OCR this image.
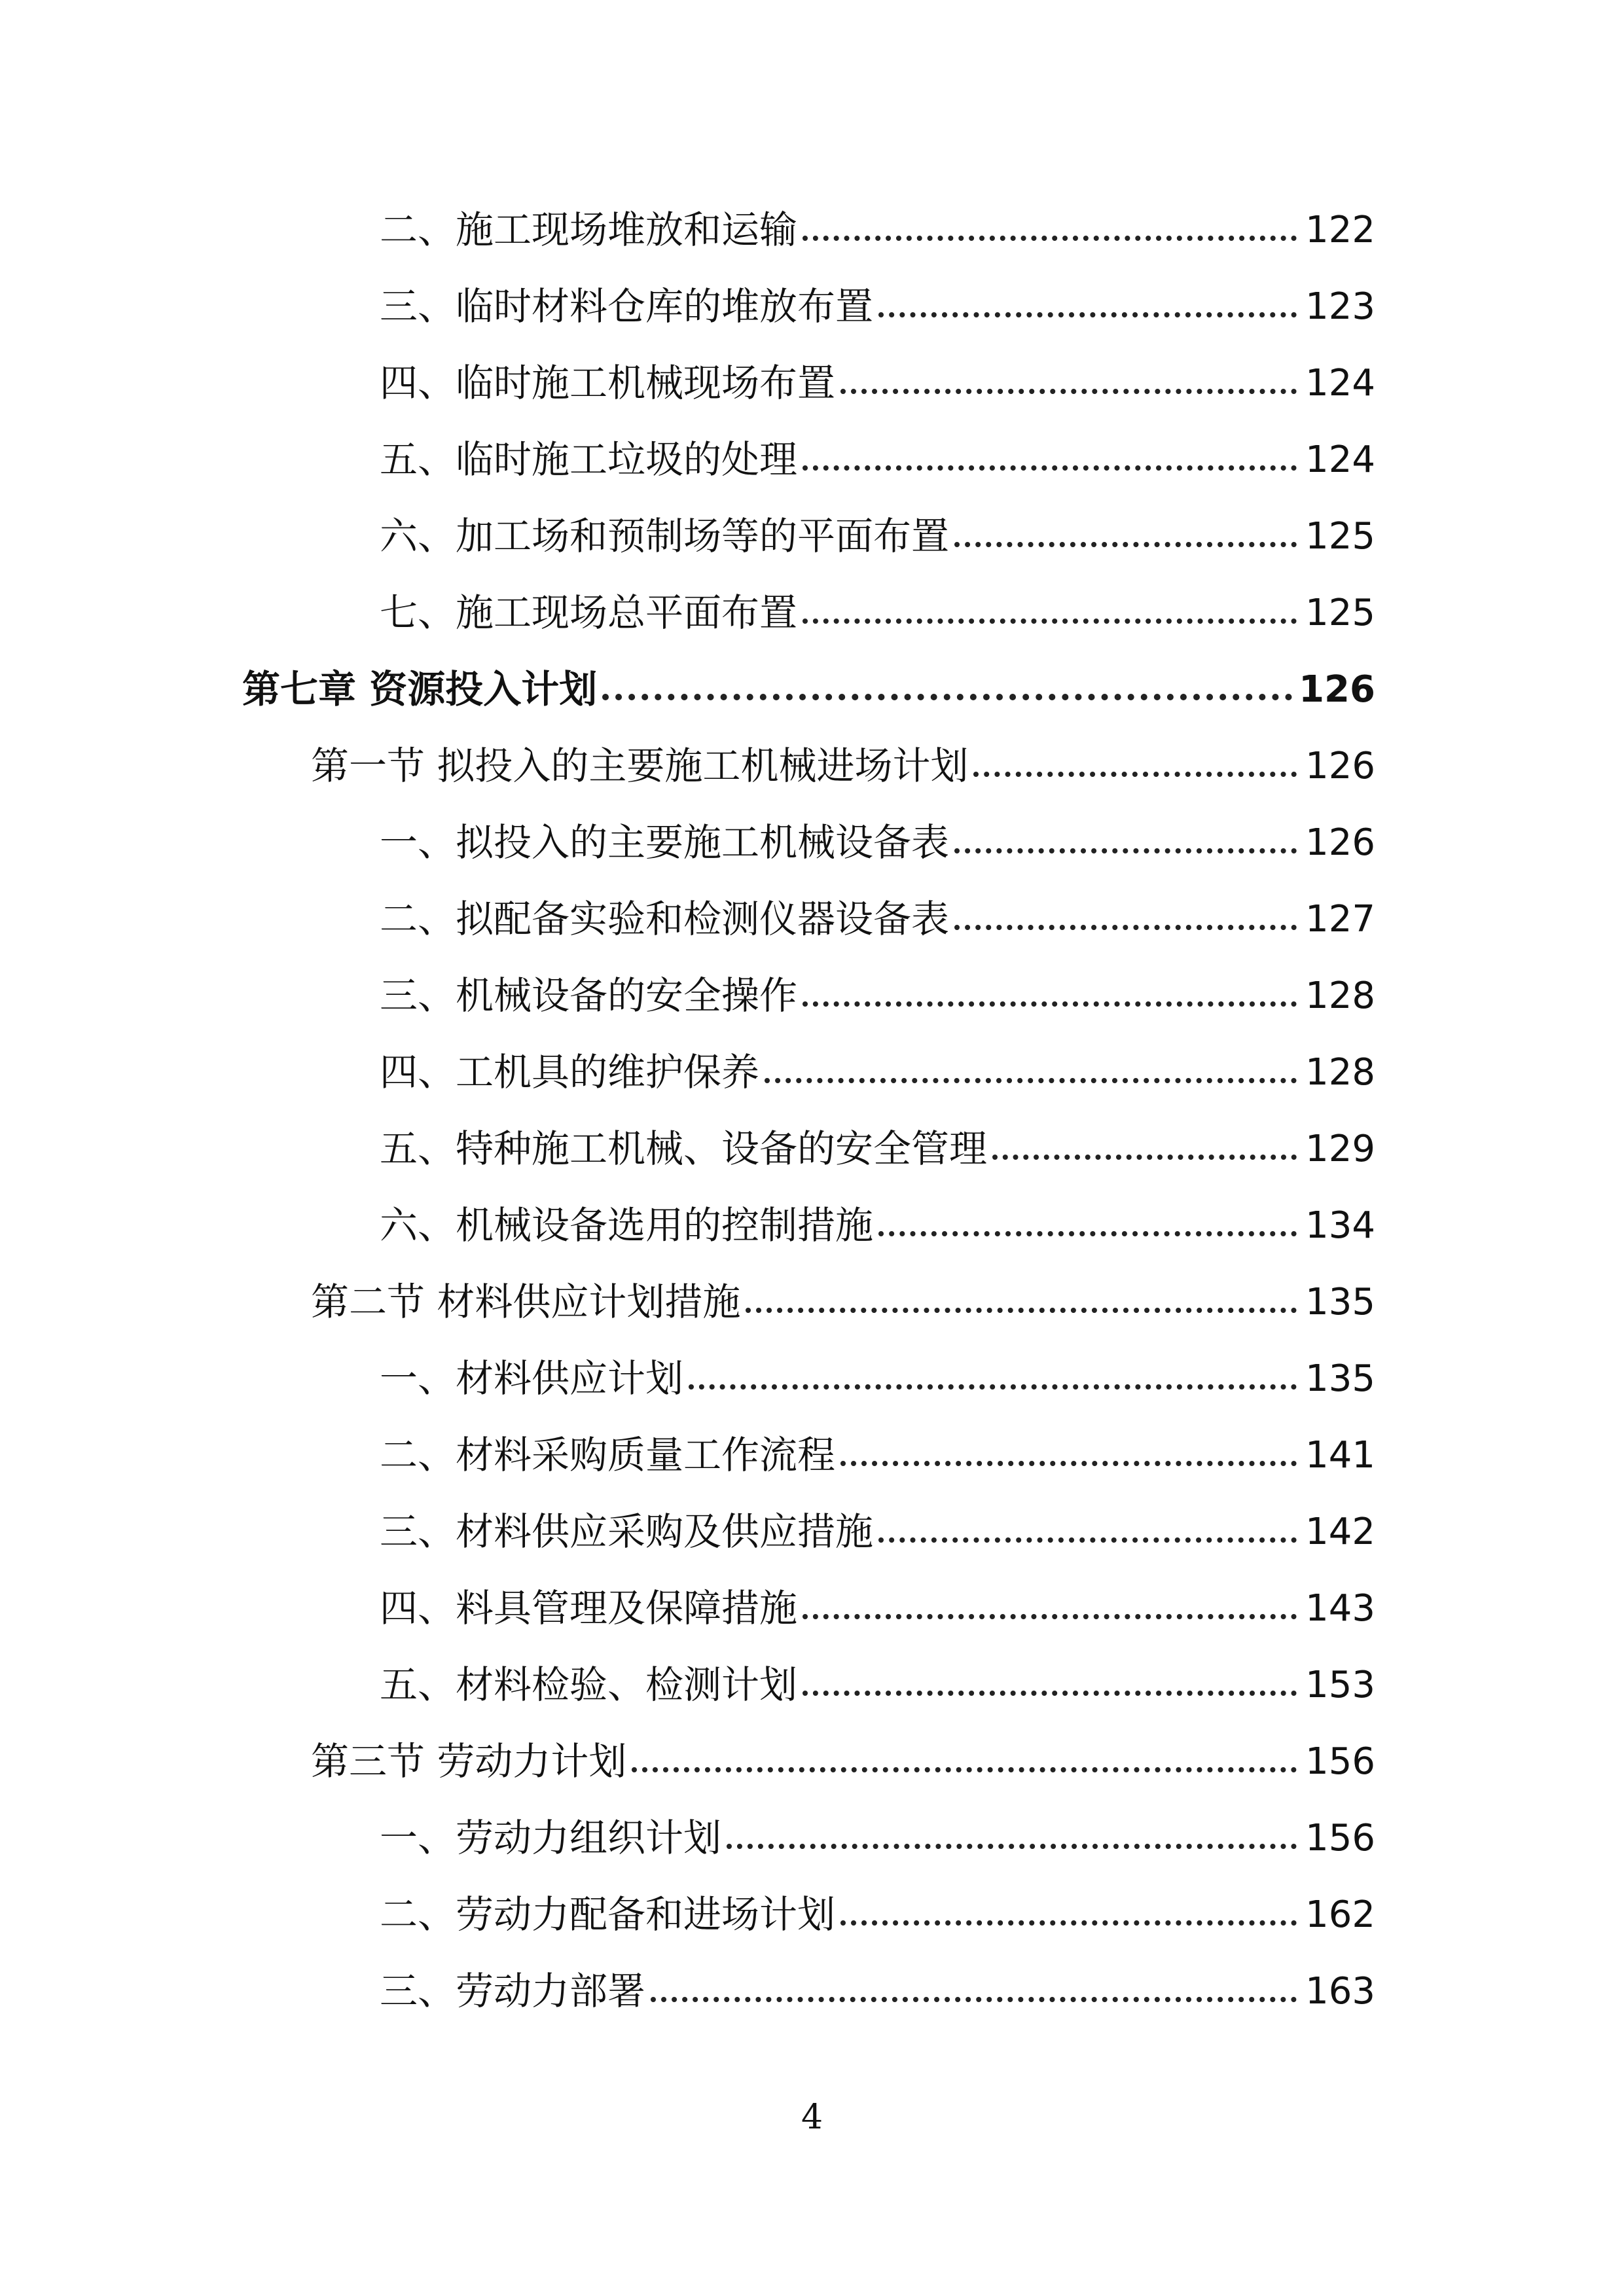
二、施工现场堆放和运输	122
三、临时材料仓库的堆放布置	123
四、临时施工机械现场布置	124
五、临时施工垃圾的处理	124
六、加工场和预制场等的平面布置	125
七、施工现场总平面布置	125
第七章 资源投入计划	126
第一节 拟投入的主要施工机械进场计划	126
一、拟投入的主要施工机械设备表	126
二、拟配备实验和检测仪器设备表	127
三、机械设备的安全操作	128
四、工机具的维护保养	128
五、特种施工机械、设备的安全管理	129
六、机械设备选用的控制措施	134
第二节 材料供应计划措施	135
一、材料供应计划	135
二、材料采购质量工作流程	141
三、材料供应采购及供应措施	142
四、料具管理及保障措施	143
五、材料检验、检测计划	153
第三节 劳动力计划	156
一、劳动力组织计划	156
二、劳动力配备和进场计划	162
三、劳动力部署	163
4
